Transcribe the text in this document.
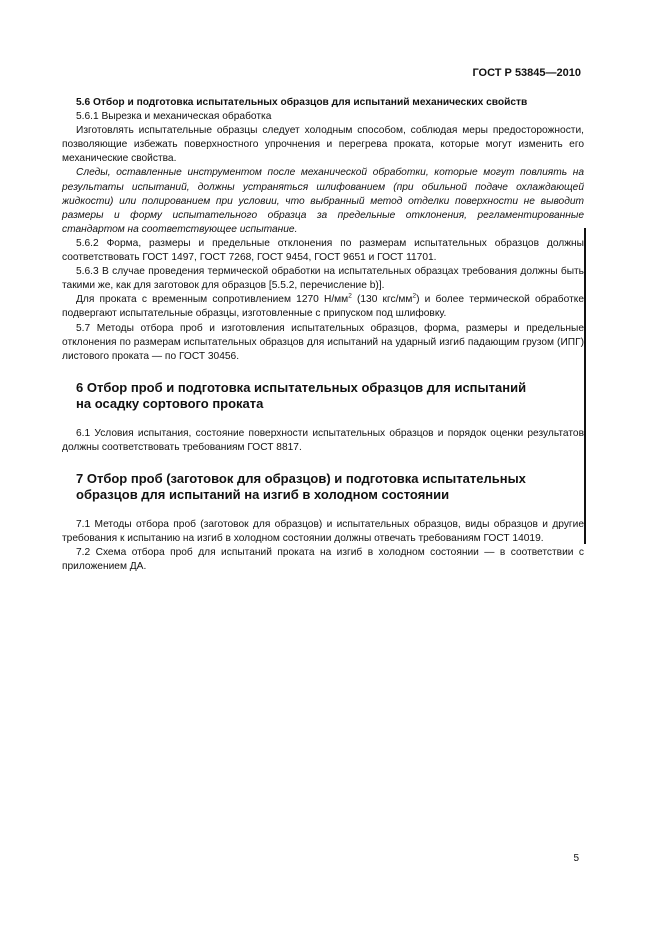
ГОСТ Р 53845—2010

5.6 Отбор и подготовка испытательных образцов для испытаний механических свойств

5.6.1 Вырезка и механическая обработка

Изготовлять испытательные образцы следует холодным способом, соблюдая меры предосторожности, позволяющие избежать поверхностного упрочнения и перегрева проката, которые могут изменить его механические свойства.

Следы, оставленные инструментом после механической обработки, которые могут повлиять на результаты испытаний, должны устраняться шлифованием (при обильной подаче охлаждающей жидкости) или полированием при условии, что выбранный метод отделки поверхности не выводит размеры и форму испытательного образца за предельные отклонения, регламентированные стандартом на соответствующее испытание.

5.6.2 Форма, размеры и предельные отклонения по размерам испытательных образцов должны соответствовать ГОСТ 1497, ГОСТ 7268, ГОСТ 9454, ГОСТ 9651 и ГОСТ 11701.

5.6.3 В случае проведения термической обработки на испытательных образцах требования должны быть такими же, как для заготовок для образцов [5.5.2, перечисление b)].

Для проката с временным сопротивлением 1270 $Н/мм^2$ (130 кгс/$мм^2$) и более термической обработке подвергают испытательные образцы, изготовленные с припуском под шлифовку.

5.7 Методы отбора проб и изготовления испытательных образцов, форма, размеры и предельные отклонения по размерам испытательных образцов для испытаний на ударный изгиб падающим грузом (ИПГ) листового проката — по ГОСТ 30456.

6 Отбор проб и подготовка испытательных образцов для испытаний
на осадку сортового проката

6.1 Условия испытания, состояние поверхности испытательных образцов и порядок оценки результатов должны соответствовать требованиям ГОСТ 8817.

7 Отбор проб (заготовок для образцов) и подготовка испытательных
образцов для испытаний на изгиб в холодном состоянии

7.1 Методы отбора проб (заготовок для образцов) и испытательных образцов, виды образцов и другие требования к испытанию на изгиб в холодном состоянии должны отвечать требованиям ГОСТ 14019.

7.2 Схема отбора проб для испытаний проката на изгиб в холодном состоянии — в соответствии с приложением ДА.

5
